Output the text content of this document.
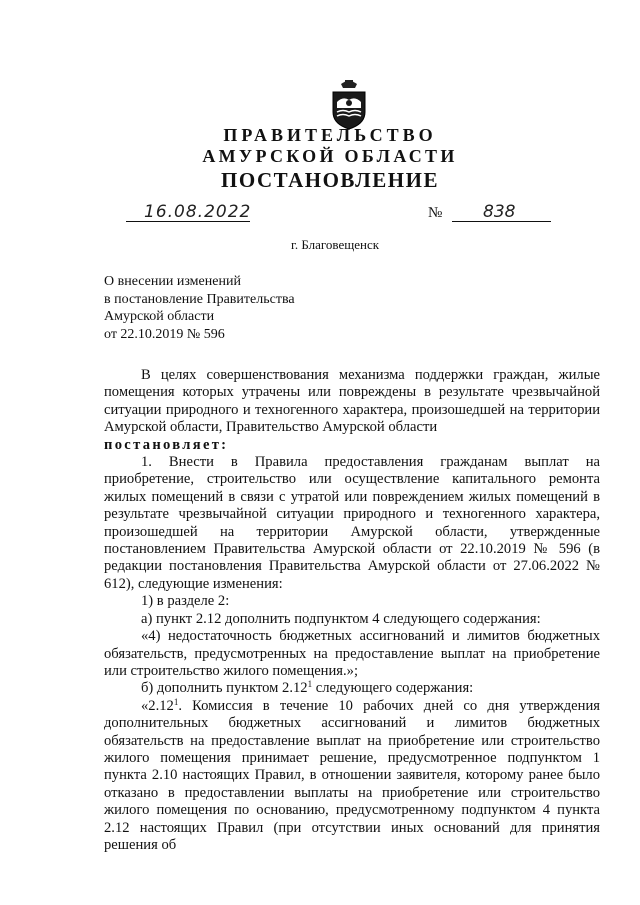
ПРАВИТЕЛЬСТВО
АМУРСКОЙ ОБЛАСТИ
ПОСТАНОВЛЕНИЕ
16.08.2022	№ 838
г. Благовещенск
О внесении изменений
в постановление Правительства
Амурской области
от 22.10.2019 № 596
В целях совершенствования механизма поддержки граждан, жилые помещения которых утрачены или повреждены в результате чрезвычайной ситуации природного и техногенного характера, произошедшей на территории Амурской области, Правительство Амурской области
постановляет:
1. Внести в Правила предоставления гражданам выплат на приобретение, строительство или осуществление капитального ремонта жилых помещений в связи с утратой или повреждением жилых помещений в результате чрезвычайной ситуации природного и техногенного характера, произошедшей на территории Амурской области, утвержденные постановлением Правительства Амурской области от 22.10.2019 № 596 (в редакции постановления Правительства Амурской области от 27.06.2022 № 612), следующие изменения:
1) в разделе 2:
а) пункт 2.12 дополнить подпунктом 4 следующего содержания:
«4) недостаточность бюджетных ассигнований и лимитов бюджетных обязательств, предусмотренных на предоставление выплат на приобретение или строительство жилого помещения.»;
б) дополнить пунктом 2.12$^1$ следующего содержания:
«2.12$^1$. Комиссия в течение 10 рабочих дней со дня утверждения дополнительных бюджетных ассигнований и лимитов бюджетных обязательств на предоставление выплат на приобретение или строительство жилого помещения принимает решение, предусмотренное подпунктом 1 пункта 2.10 настоящих Правил, в отношении заявителя, которому ранее было отказано в предоставлении выплаты на приобретение или строительство жилого помещения по основанию, предусмотренному подпунктом 4 пункта 2.12 настоящих Правил (при отсутствии иных оснований для принятия решения об
